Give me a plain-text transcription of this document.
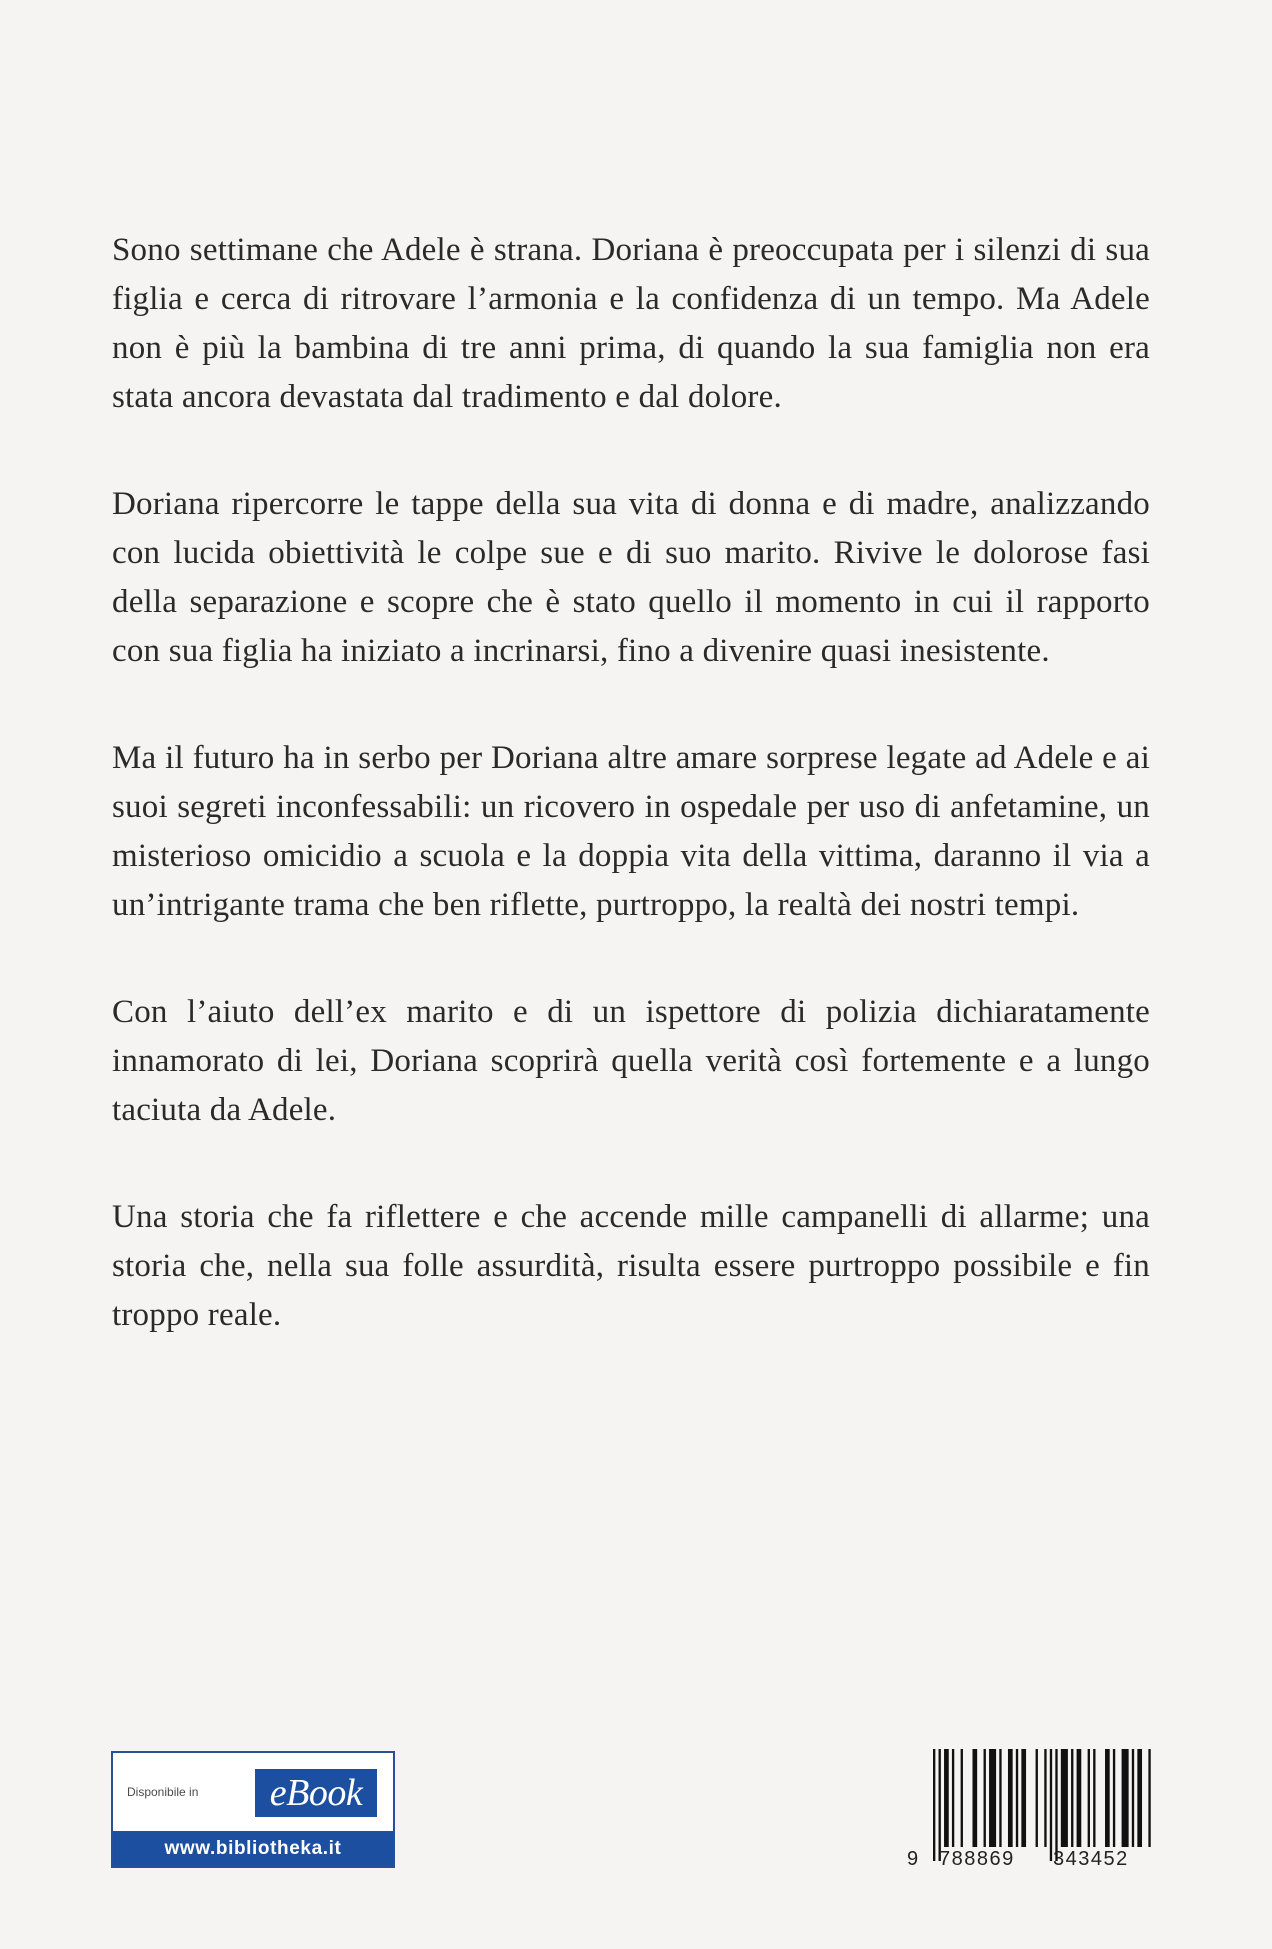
Sono settimane che Adele è strana. Doriana è preoccupata per i silenzi di sua figlia e cerca di ritrovare l’armonia e la confidenza di un tempo. Ma Adele non è più la bambina di tre anni prima, di quando la sua famiglia non era stata ancora devastata dal tradimento e dal dolore.

Doriana ripercorre le tappe della sua vita di donna e di madre, analizzando con lucida obiettività le colpe sue e di suo marito. Rivive le dolorose fasi della separazione e scopre che è stato quello il momento in cui il rapporto con sua figlia ha iniziato a incrinarsi, fino a divenire quasi inesistente.

Ma il futuro ha in serbo per Doriana altre amare sorprese legate ad Adele e ai suoi segreti inconfessabili: un ricovero in ospedale per uso di anfetamine, un misterioso omicidio a scuola e la doppia vita della vittima, daranno il via a un’intrigante trama che ben riflette, purtroppo, la realtà dei nostri tempi.

Con l’aiuto dell’ex marito e di un ispettore di polizia dichiaratamente innamorato di lei, Doriana scoprirà quella verità così fortemente e a lungo taciuta da Adele.

Una storia che fa riflettere e che accende mille campanelli di allarme; una storia che, nella sua folle assurdità, risulta essere purtroppo possibile e fin troppo reale.

Disponibile in	eBook
www.bibliotheka.it	9 788869 343452
